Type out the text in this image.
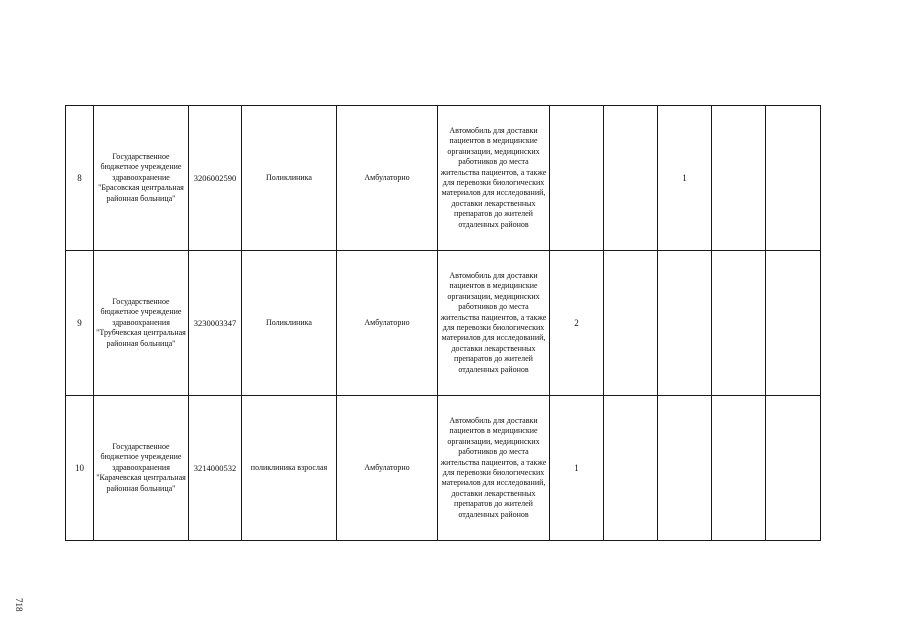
8	Государственное бюджетное учреждение здравоохранение "Брасовская центральная районная больница"	3206002590	Поликлиника	Амбулаторно	Автомобиль для доставки пациентов в медицинские организации, медицинских работников до места жительства пациентов, а также для перевозки биологических материалов для исследований, доставки лекарственных препаратов до жителей отдаленных районов			1		
9	Государственное бюджетное учреждение здравоохранения "Трубчевская центральная районная больница"	3230003347	Поликлиника	Амбулаторно	Автомобиль для доставки пациентов в медицинские организации, медицинских работников до места жительства пациентов, а также для перевозки биологических материалов для исследований, доставки лекарственных препаратов до жителей отдаленных районов	2				
10	Государственное бюджетное учреждение здравоохранения "Карачевская центральная районная больница"	3214000532	поликлиника взрослая	Амбулаторно	Автомобиль для доставки пациентов в медицинские организации, медицинских работников до места жительства пациентов, а также для перевозки биологических материалов для исследований, доставки лекарственных препаратов до жителей отдаленных районов	1				
718
